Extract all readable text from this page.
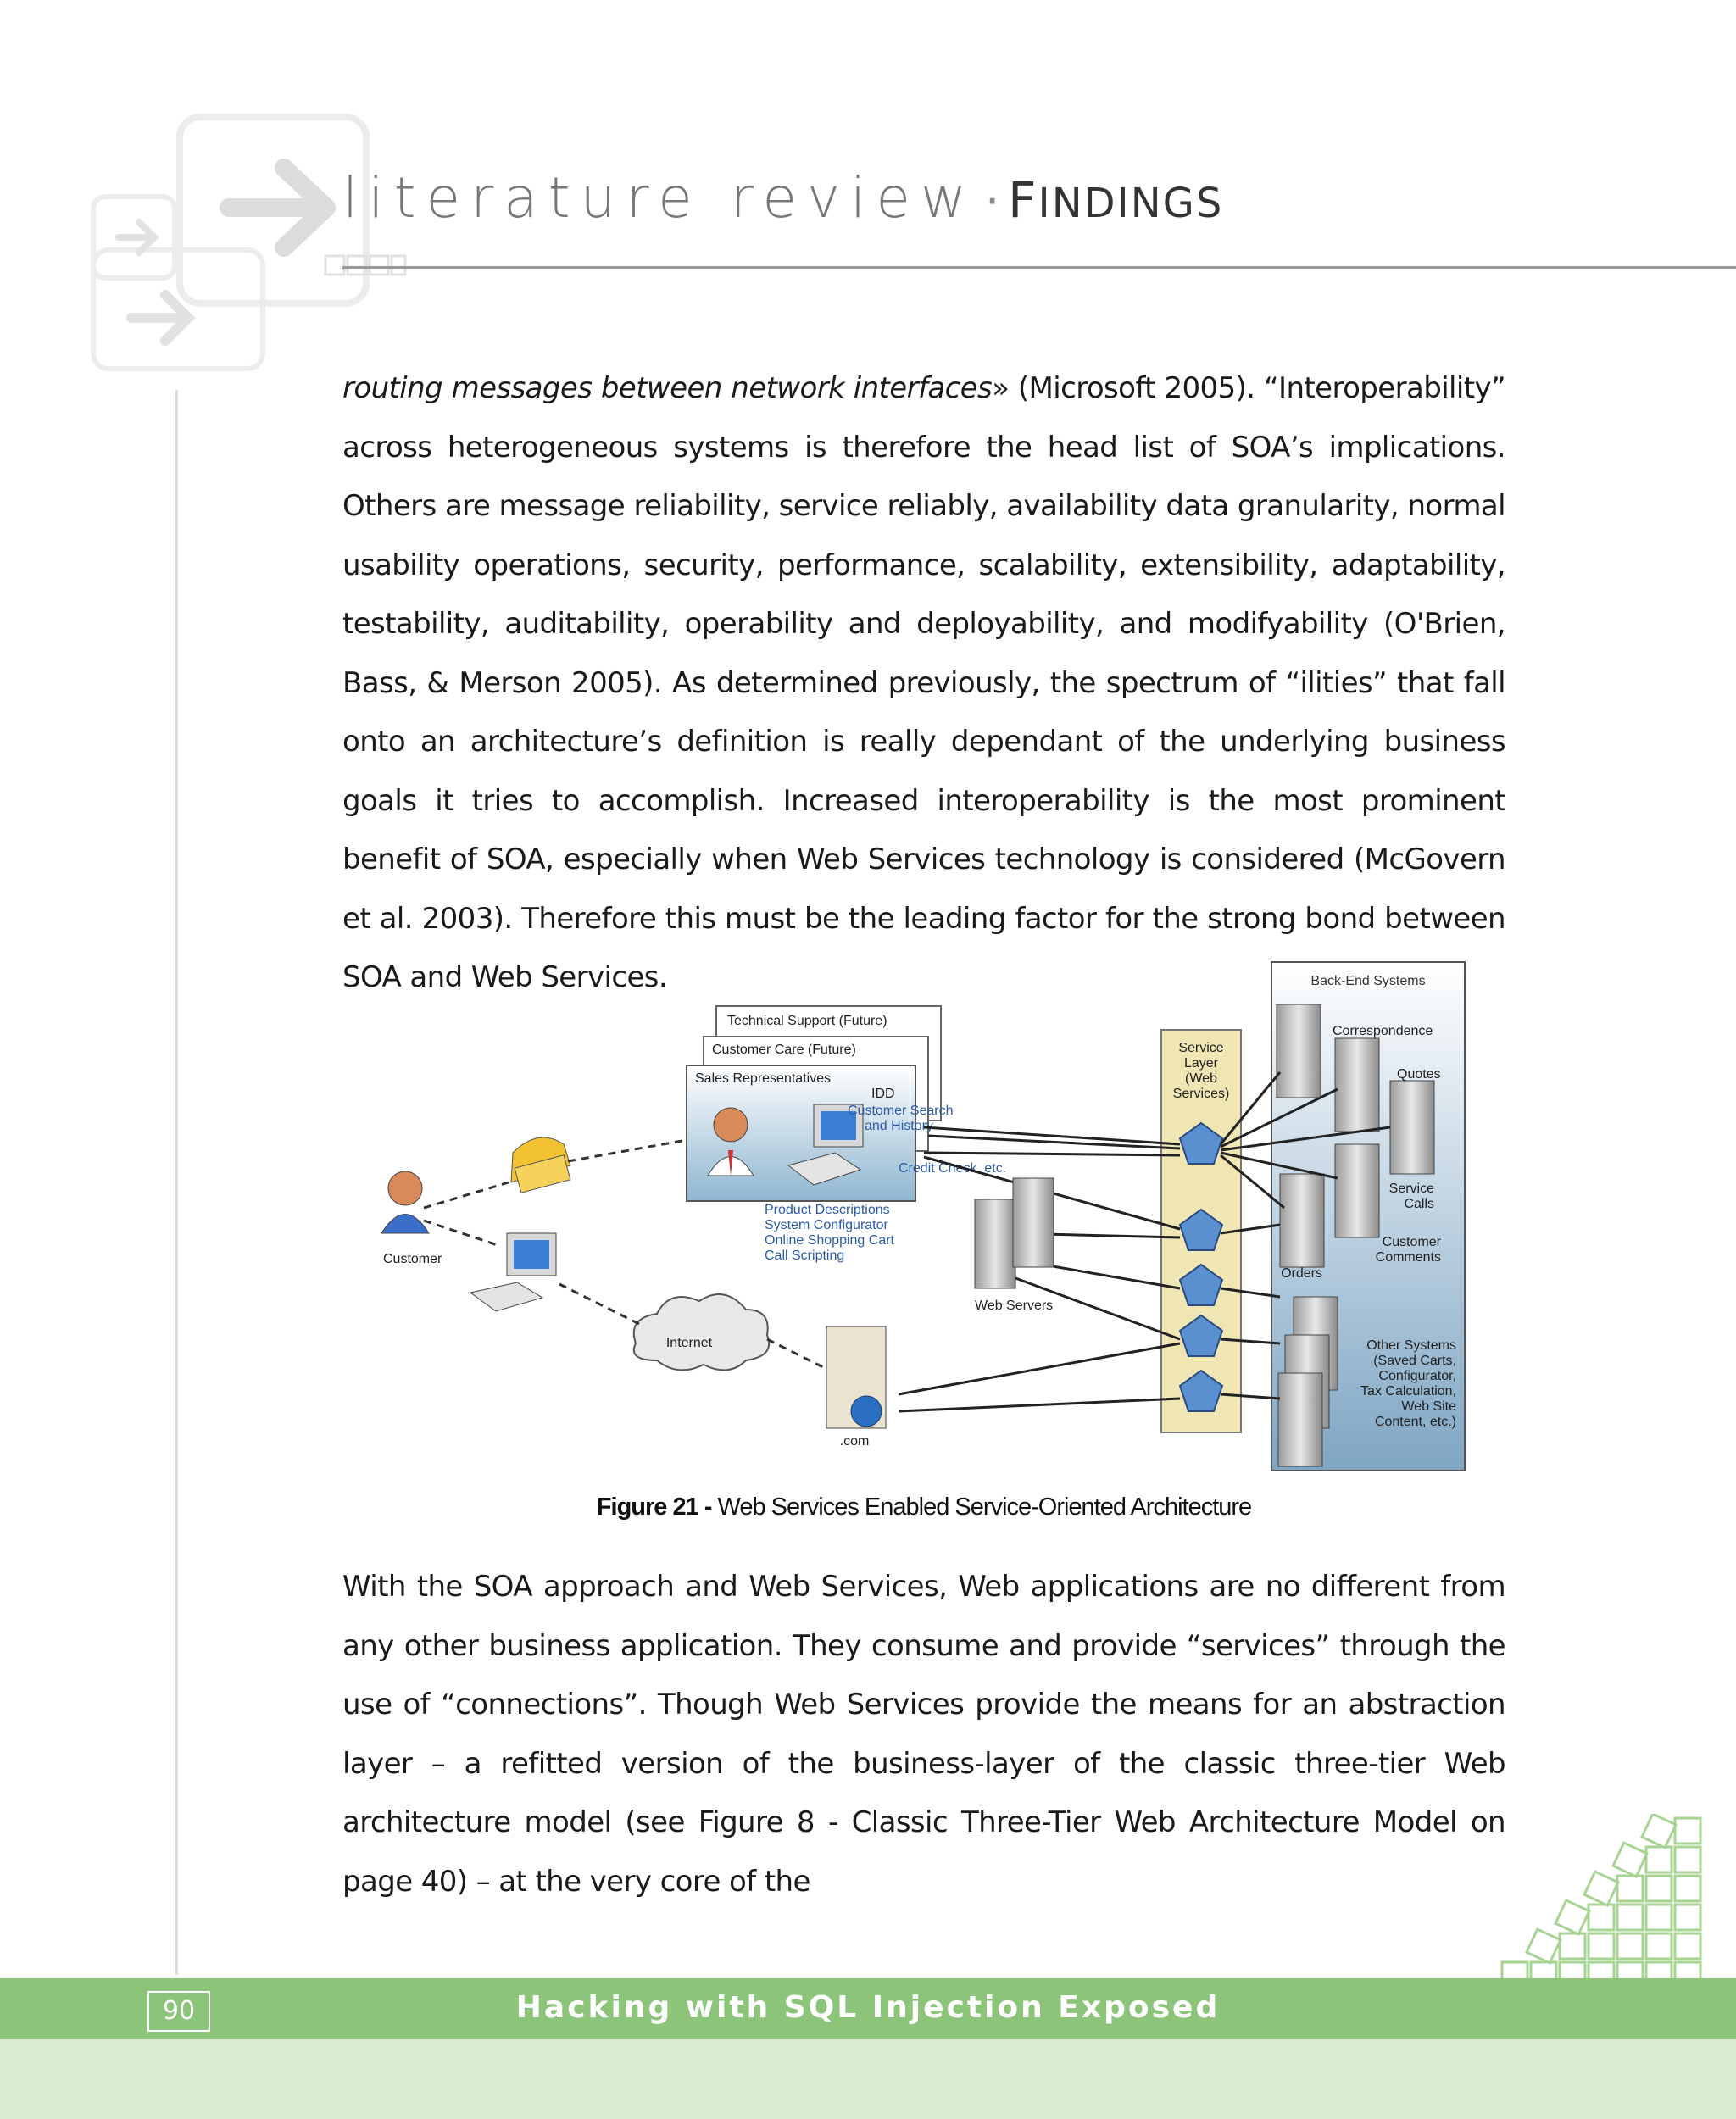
literature review · FINDINGS
routing messages between network interfaces» (Microsoft 2005). “Interoperability” across heterogeneous systems is therefore the head list of SOA’s implications. Others are message reliability, service reliably, availability data granularity, normal usability operations, security, performance, scalability, extensibility, adaptability, testability, auditability, operability and deployability, and modifyability (O'Brien, Bass, & Merson 2005). As determined previously, the spectrum of “ilities” that fall onto an architecture’s definition is really dependant of the underlying business goals it tries to accomplish. Increased interoperability is the most prominent benefit of SOA, especially when Web Services technology is considered (McGovern et al. 2003). Therefore this must be the leading factor for the strong bond between SOA and Web Services.	Back-End Systems
Correspondence
Quotes
Service
Calls
Customer
Comments
Orders
Other Systems
(Saved Carts,
Configurator,
Tax Calculation,
Web Site
Content, etc.)
Service
Layer
(Web
Services)
Technical Support (Future)
Customer Care (Future)
Sales Representatives
IDD
Customer Search
and History
Credit Check, etc.
Product Descriptions
System Configurator
Online Shopping Cart
Call Scripting
Web Servers
.com
Customer
Internet
Figure 21 - Web Services Enabled Service-Oriented Architecture
With the SOA approach and Web Services, Web applications are no different from any other business application. They consume and provide “services” through the use of “connections”. Though Web Services provide the means for an abstraction layer – a refitted version of the business-layer of the classic three-tier Web architecture model (see Figure 8 - Classic Three-Tier Web Architecture Model on page 40) – at the very core of the
90	Hacking with SQL Injection Exposed
